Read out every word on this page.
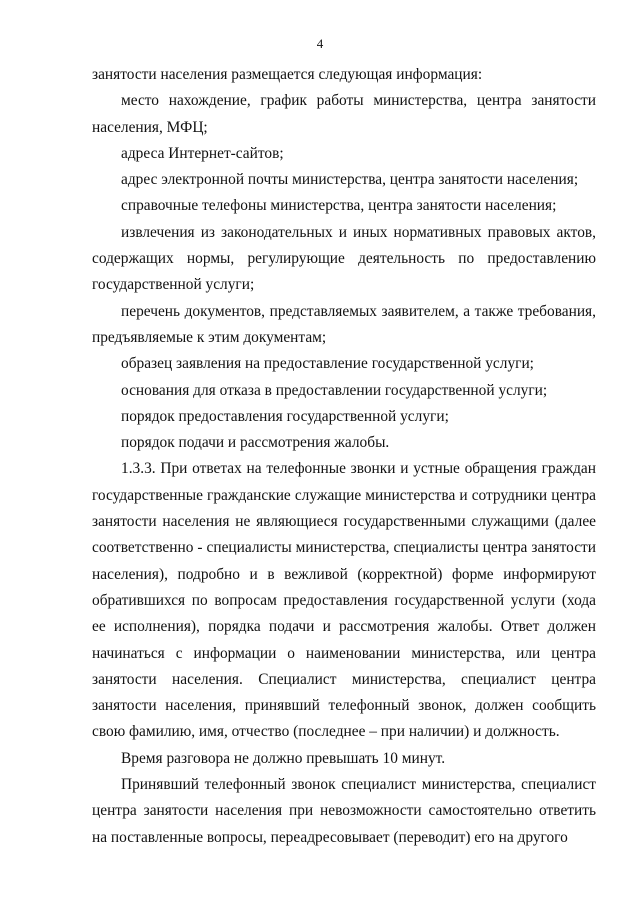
4

занятости населения размещается следующая информация:

место нахождение, график работы министерства, центра занятости населения, МФЦ;

адреса Интернет-сайтов;

адрес электронной почты министерства, центра занятости населения;

справочные телефоны министерства, центра занятости населения;

извлечения из законодательных и иных нормативных правовых актов, содержащих нормы, регулирующие деятельность по предоставлению государственной услуги;

перечень документов, представляемых заявителем, а также требования, предъявляемые к этим документам;

образец заявления на предоставление государственной услуги;

основания для отказа в предоставлении государственной услуги;

порядок предоставления государственной услуги;

порядок подачи и рассмотрения жалобы.

1.3.3. При ответах на телефонные звонки и устные обращения граждан государственные гражданские служащие министерства и сотрудники центра занятости населения не являющиеся государственными служащими (далее соответственно - специалисты министерства, специалисты центра занятости населения), подробно и в вежливой (корректной) форме информируют обратившихся по вопросам предоставления государственной услуги (хода ее исполнения), порядка подачи и рассмотрения жалобы. Ответ должен начинаться с информации о наименовании министерства, или центра занятости населения. Специалист министерства, специалист центра занятости населения, принявший телефонный звонок, должен сообщить свою фамилию, имя, отчество (последнее – при наличии) и должность.

Время разговора не должно превышать 10 минут.

Принявший телефонный звонок специалист министерства, специалист центра занятости населения при невозможности самостоятельно ответить на поставленные вопросы, переадресовывает (переводит) его на другого
